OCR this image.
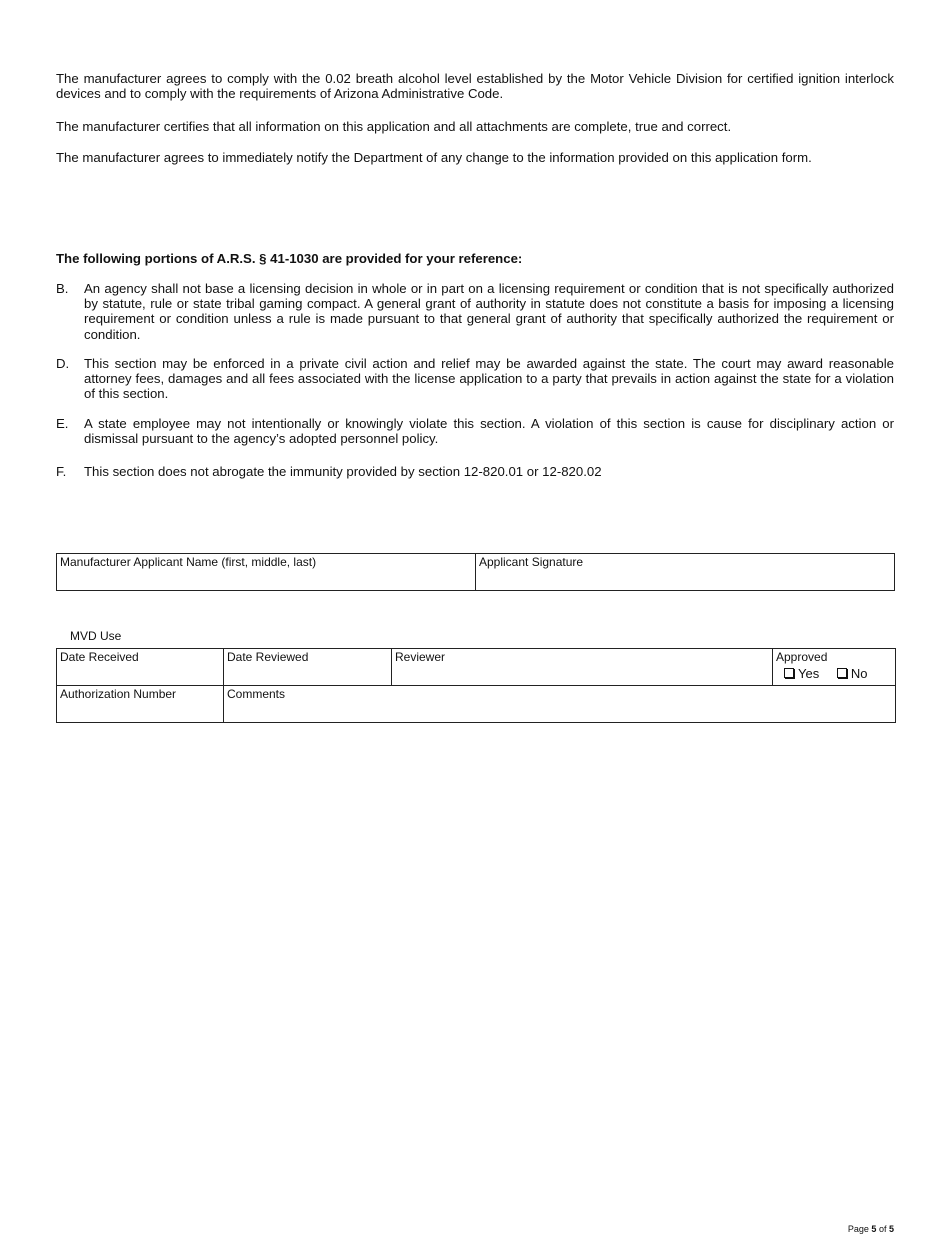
The manufacturer agrees to comply with the 0.02 breath alcohol level established by the Motor Vehicle Division for certified ignition interlock devices and to comply with the requirements of Arizona Administrative Code.

The manufacturer certifies that all information on this application and all attachments are complete, true and correct.

The manufacturer agrees to immediately notify the Department of any change to the information provided on this application form.

The following portions of A.R.S. § 41-1030 are provided for your reference:

B.	An agency shall not base a licensing decision in whole or in part on a licensing requirement or condition that is not specifically authorized by statute, rule or state tribal gaming compact. A general grant of authority in statute does not constitute a basis for imposing a licensing requirement or condition unless a rule is made pursuant to that general grant of authority that specifically authorized the requirement or condition.
D.	This section may be enforced in a private civil action and relief may be awarded against the state. The court may award reasonable attorney fees, damages and all fees associated with the license application to a party that prevails in action against the state for a violation of this section.
E.	A state employee may not intentionally or knowingly violate this section. A violation of this section is cause for disciplinary action or dismissal pursuant to the agency’s adopted personnel policy.
F.	This section does not abrogate the immunity provided by section 12-820.01 or 12-820.02
Manufacturer Applicant Name (first, middle, last)	Applicant Signature
MVD Use
Date Received	Date Reviewed	Reviewer	Approved
Yes No

Authorization Number	Comments		
Page 5 of 5
